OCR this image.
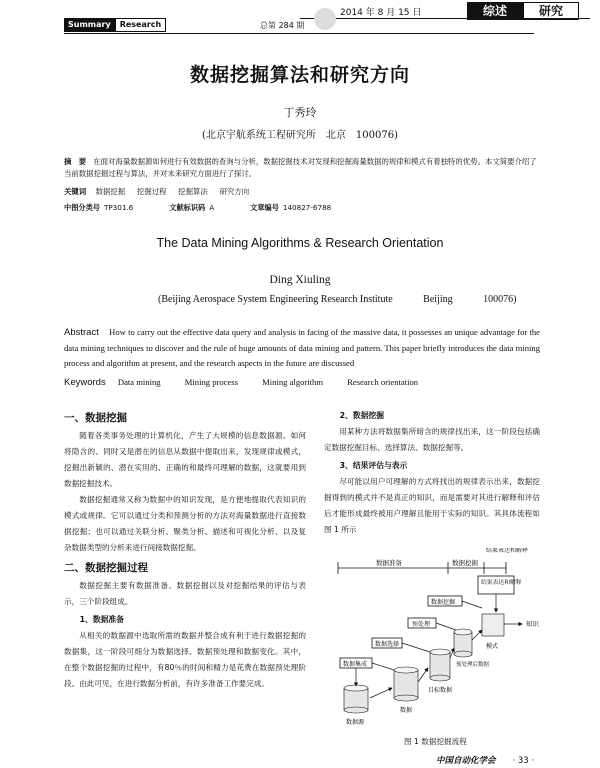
2014 年 8 月 15 日	综述	研究
Summary	Research	总第 284 期
数据挖掘算法和研究方向
丁秀玲
(北京宇航系统工程研究所　北京　100076)
摘　要 在面对海量数据源如何进行有效数据的查询与分析，数据挖掘技术对发现和挖掘海量数据的规律和模式有着独特的优势。本文简要介绍了当前数据挖掘过程与算法，并对未来研究方面进行了探讨。
关键词 数据挖掘 挖掘过程 挖掘算法 研究方向
中图分类号 TP301.6	文献标识码 A	文章编号 140827-6788
The Data Mining Algorithms & Research Orientation
Ding Xiuling
(Beijing Aerospace System Engineering Research Institute	Beijing	100076)
Abstract How to carry out the effective data query and analysis in facing of the massive data, it possesses an unique advantage for the data mining techniques to discover and the rule of huge amounts of data mining and pattern. This paper briefly introduces the data mining process and algorithm at present, and the research aspects in the future are discussed
Keywords Data mining	Mining process	Mining algorithm	Research orientation
一、数据挖掘
随着各类事务处理的计算机化，产生了大规模的信息数据源。如何将隐含的、同时又是潜在的信息从数据中提取出来，发现规律或模式，挖掘出新颖的、潜在实用的、正确的和最终可理解的数据，这就要用到数据挖掘技术。
数据挖掘通常又称为数据中的知识发现，是方便地提取代表知识的模式或规律。它可以通过分类和预测分析的方法对海量数据进行直接数据挖掘；也可以通过关联分析、聚类分析、描述和可视化分析、以及复杂数据类型的分析来进行间接数据挖掘。
二、数据挖掘过程
数据挖掘主要有数据准备、数据挖掘以及对挖掘结果的评估与表示，三个阶段组成。
1、数据准备
从相关的数据源中选取所需的数据并整合成有利于进行数据挖掘的数据集，这一阶段可细分为数据选择、数据预处理和数据变化。其中，在整个数据挖掘的过程中，有80％的时间和精力是花费在数据预处理阶段。由此可见，在进行数据分析前，有许多准备工作要完成。
2、数据挖掘
用某种方法将数据集所暗含的规律找出来，这一阶段包括确定数据挖掘目标、选择算法、数据挖掘等。
3、结果评估与表示
尽可能以用户可理解的方式将找出的规律表示出来，数据挖掘得到的模式并不是真正的知识，而是需要对其进行解释和评估后才能形成最终被用户理解且能用于实际的知识。其具体流程如图 1 所示
数据准备	数据挖掘
结果表达和解释
结果表达和解释
数据挖掘
预处理
数据选择
数据集成
数据源
数据
目标数据
预处理后数据
模式
知识
图 1 数据挖掘流程
中国自动化学会 · 33 ·
